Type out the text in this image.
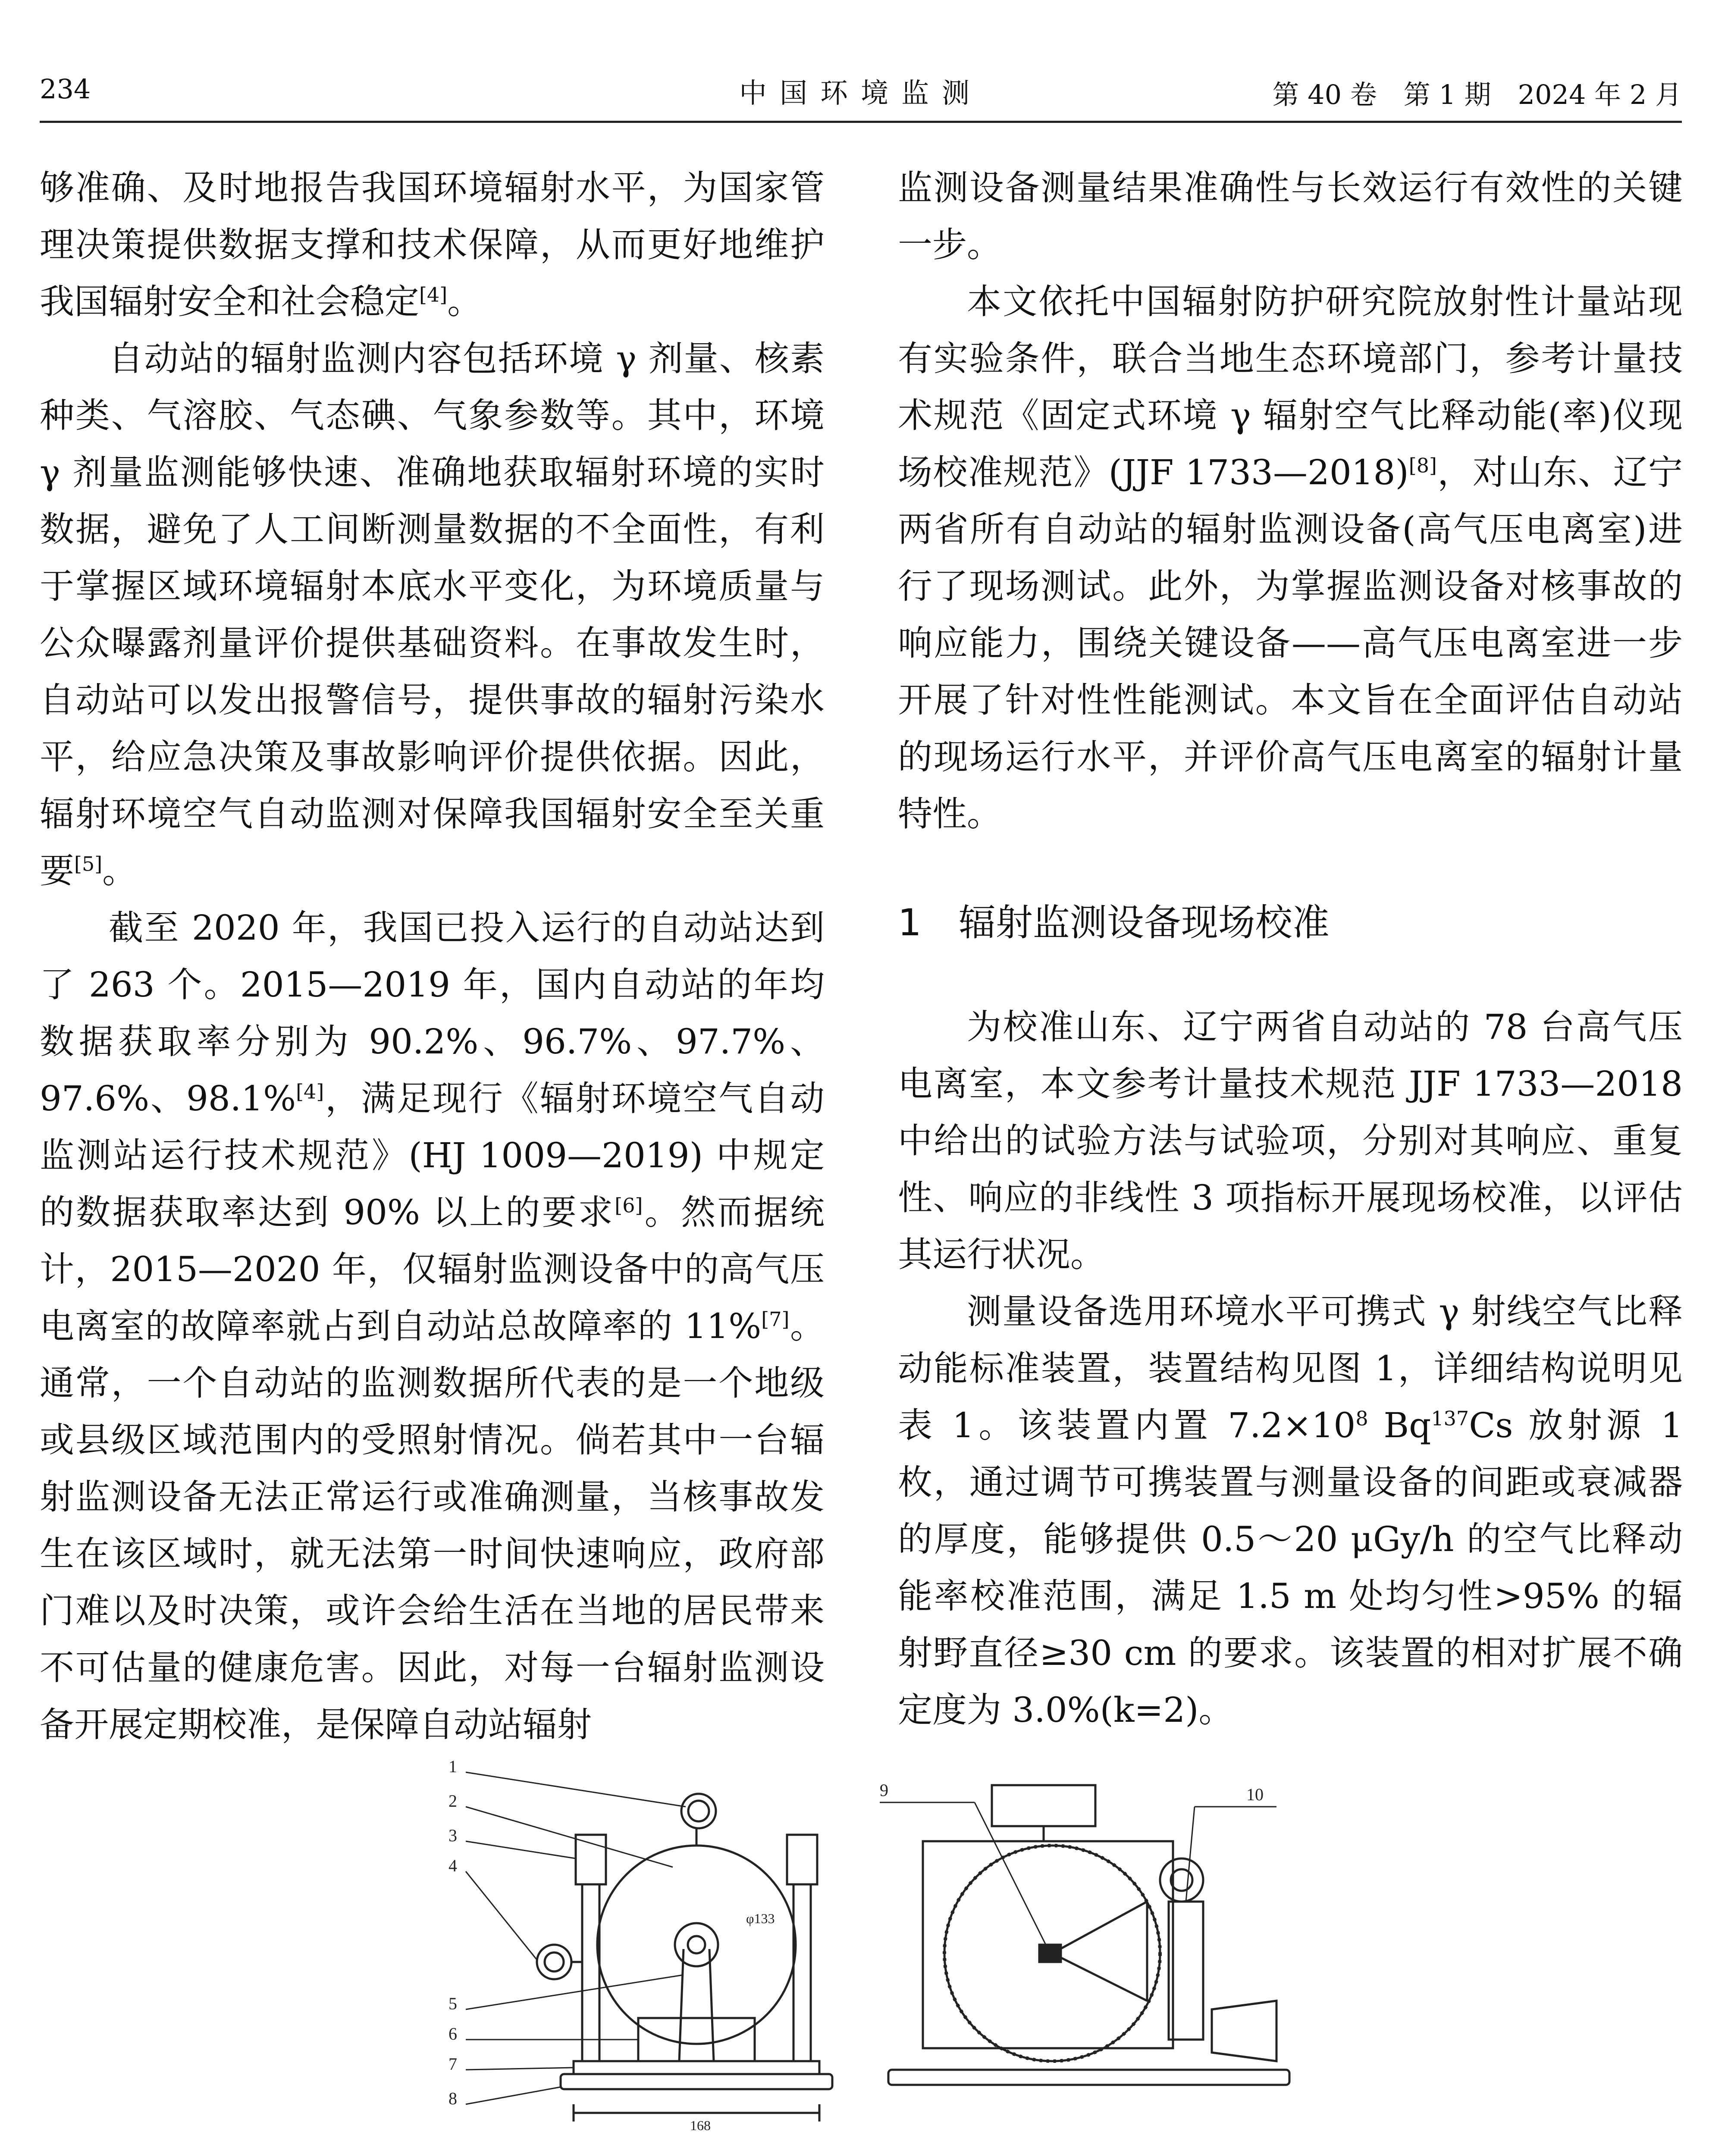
234	中国环境监测	第 40 卷　第 1 期　2024 年 2 月

够准确、及时地报告我国环境辐射水平，为国家管理决策提供数据支撑和技术保障，从而更好地维护我国辐射安全和社会稳定[4]。

自动站的辐射监测内容包括环境 γ 剂量、核素种类、气溶胶、气态碘、气象参数等。其中，环境 γ 剂量监测能够快速、准确地获取辐射环境的实时数据，避免了人工间断测量数据的不全面性，有利于掌握区域环境辐射本底水平变化，为环境质量与公众曝露剂量评价提供基础资料。在事故发生时，自动站可以发出报警信号，提供事故的辐射污染水平，给应急决策及事故影响评价提供依据。因此，辐射环境空气自动监测对保障我国辐射安全至关重要[5]。

截至 2020 年，我国已投入运行的自动站达到了 263 个。2015—2019 年，国内自动站的年均数据获取率分别为 90.2%、96.7%、97.7%、97.6%、98.1%[4]，满足现行《辐射环境空气自动监测站运行技术规范》(HJ 1009—2019) 中规定的数据获取率达到 90% 以上的要求[6]。然而据统计，2015—2020 年，仅辐射监测设备中的高气压电离室的故障率就占到自动站总故障率的 11%[7]。通常，一个自动站的监测数据所代表的是一个地级或县级区域范围内的受照射情况。倘若其中一台辐射监测设备无法正常运行或准确测量，当核事故发生在该区域时，就无法第一时间快速响应，政府部门难以及时决策，或许会给生活在当地的居民带来不可估量的健康危害。因此，对每一台辐射监测设备开展定期校准，是保障自动站辐射

监测设备测量结果准确性与长效运行有效性的关键一步。

本文依托中国辐射防护研究院放射性计量站现有实验条件，联合当地生态环境部门，参考计量技术规范《固定式环境 γ 辐射空气比释动能(率)仪现场校准规范》(JJF 1733—2018)[8]，对山东、辽宁两省所有自动站的辐射监测设备(高气压电离室)进行了现场测试。此外，为掌握监测设备对核事故的响应能力，围绕关键设备——高气压电离室进一步开展了针对性性能测试。本文旨在全面评估自动站的现场运行水平，并评价高气压电离室的辐射计量特性。

1　辐射监测设备现场校准

为校准山东、辽宁两省自动站的 78 台高气压电离室，本文参考计量技术规范 JJF 1733—2018 中给出的试验方法与试验项，分别对其响应、重复性、响应的非线性 3 项指标开展现场校准，以评估其运行状况。

测量设备选用环境水平可携式 γ 射线空气比释动能标准装置，装置结构见图 1，详细结构说明见表 1。该装置内置 $7.2\times 10^8$ Bq$^{137}$Cs 放射源 1 枚，通过调节可携装置与测量设备的间距或衰减器的厚度，能够提供 0.5～20 μGy/h 的空气比释动能率校准范围，满足 1.5 m 处均匀性>95% 的辐射野直径≥30 cm 的要求。该装置的相对扩展不确定度为 3.0%(k=2)。

φ133
168
1
2
3
4
5
6
7
8
9	10
